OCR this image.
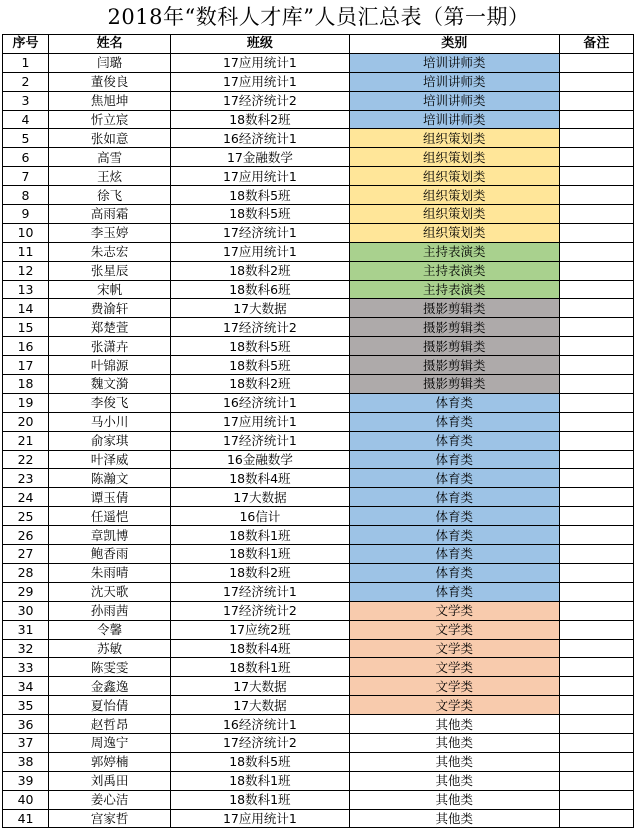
2018年“数科人才库”人员汇总表（第一期）
序号	姓名	班级	类别	备注
1	闫璐	17应用统计1	培训讲师类	
2	董俊良	17应用统计1	培训讲师类	
3	焦旭坤	17经济统计2	培训讲师类	
4	忻立宸	18数科2班	培训讲师类	
5	张如意	16经济统计1	组织策划类	
6	高雪	17金融数学	组织策划类	
7	王炫	17应用统计1	组织策划类	
8	徐飞	18数科5班	组织策划类	
9	高雨霜	18数科5班	组织策划类	
10	李玉婷	17经济统计1	组织策划类	
11	朱志宏	17应用统计1	主持表演类	
12	张星辰	18数科2班	主持表演类	
13	宋帆	18数科6班	主持表演类	
14	费渝轩	17大数据	摄影剪辑类	
15	郑楚萱	17经济统计2	摄影剪辑类	
16	张潇卉	18数科5班	摄影剪辑类	
17	叶锦源	18数科5班	摄影剪辑类	
18	魏文漪	18数科2班	摄影剪辑类	
19	李俊飞	16经济统计1	体育类	
20	马小川	17应用统计1	体育类	
21	俞家琪	17经济统计1	体育类	
22	叶泽威	16金融数学	体育类	
23	陈瀚文	18数科4班	体育类	
24	谭玉倩	17大数据	体育类	
25	任遥恺	16信计	体育类	
26	章凯博	18数科1班	体育类	
27	鲍香雨	18数科1班	体育类	
28	朱雨晴	18数科2班	体育类	
29	沈天歌	17经济统计1	体育类	
30	孙雨茜	17经济统计2	文学类	
31	令馨	17应统2班	文学类	
32	苏敏	18数科4班	文学类	
33	陈雯雯	18数科1班	文学类	
34	金鑫逸	17大数据	文学类	
35	夏怡倩	17大数据	文学类	
36	赵哲昂	16经济统计1	其他类	
37	周逸宁	17经济统计2	其他类	
38	郭婷楠	18数科5班	其他类	
39	刘禹田	18数科1班	其他类	
40	姜心洁	18数科1班	其他类	
41	宫家哲	17应用统计1	其他类	
